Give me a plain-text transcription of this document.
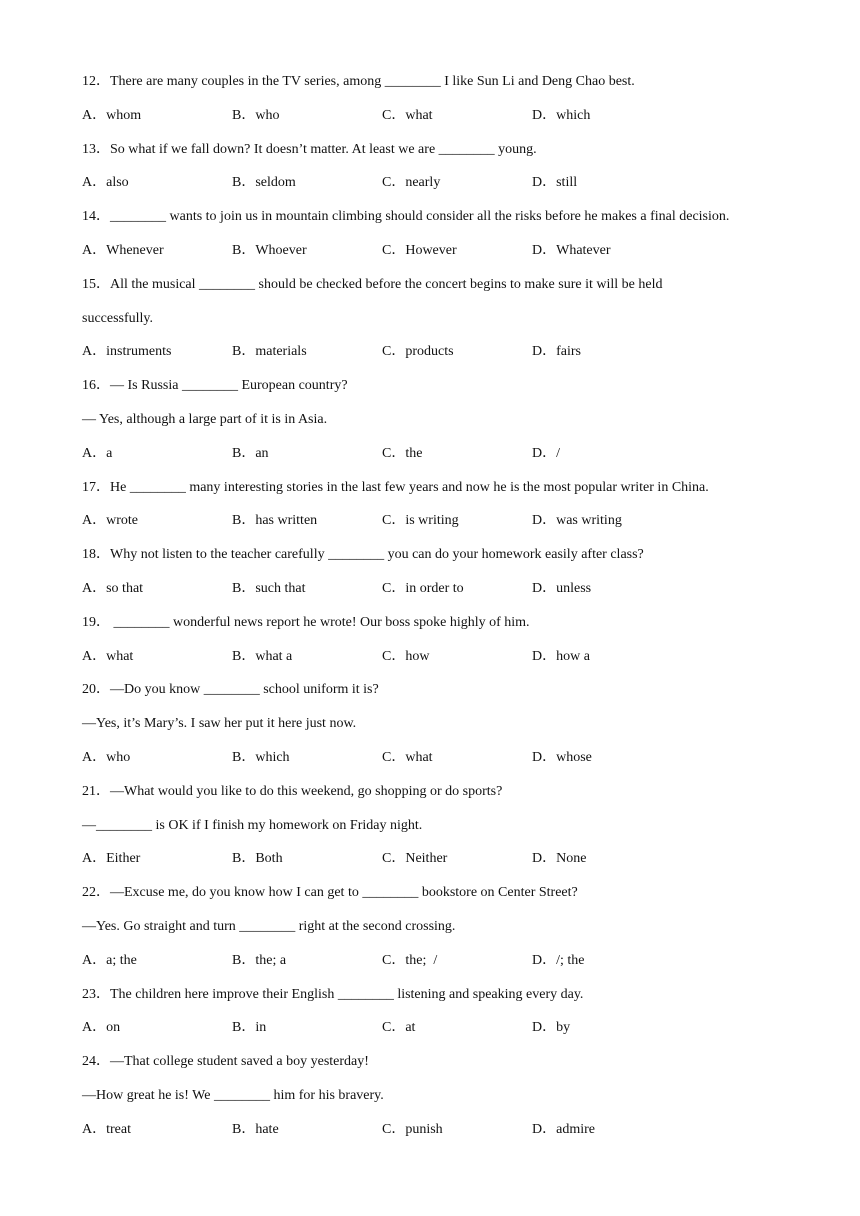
12．There are many couples in the TV series, among ________ I like Sun Li and Deng Chao best.
A．whom	B．who	C．what	D．which
13．So what if we fall down? It doesn’t matter. At least we are ________ young.
A．also	B．seldom	C．nearly	D．still
14．________ wants to join us in mountain climbing should consider all the risks before he makes a final decision.
A．Whenever	B．Whoever	C．However	D．Whatever
15．All the musical ________ should be checked before the concert begins to make sure it will be held
successfully.
A．instruments	B．materials	C．products	D．fairs
16．— Is Russia ________ European country?
— Yes, although a large part of it is in Asia.
A．a	B．an	C．the	D．/
17．He ________ many interesting stories in the last few years and now he is the most popular writer in China.
A．wrote	B．has written	C．is writing	D．was writing
18．Why not listen to the teacher carefully ________ you can do your homework easily after class?
A．so that	B．such that	C．in order to	D．unless
19． ________ wonderful news report he wrote! Our boss spoke highly of him.
A．what	B．what a	C．how	D．how a
20．—Do you know ________ school uniform it is?
—Yes, it’s Mary’s. I saw her put it here just now.
A．who	B．which	C．what	D．whose
21．—What would you like to do this weekend, go shopping or do sports?
—________ is OK if I finish my homework on Friday night.
A．Either	B．Both	C．Neither	D．None
22．—Excuse me, do you know how I can get to ________ bookstore on Center Street?
—Yes. Go straight and turn ________ right at the second crossing.
A．a; the	B．the; a	C．the;  /	D．/; the
23．The children here improve their English ________ listening and speaking every day.
A．on	B．in	C．at	D．by
24．—That college student saved a boy yesterday!
—How great he is! We ________ him for his bravery.
A．treat	B．hate	C．punish	D．admire
